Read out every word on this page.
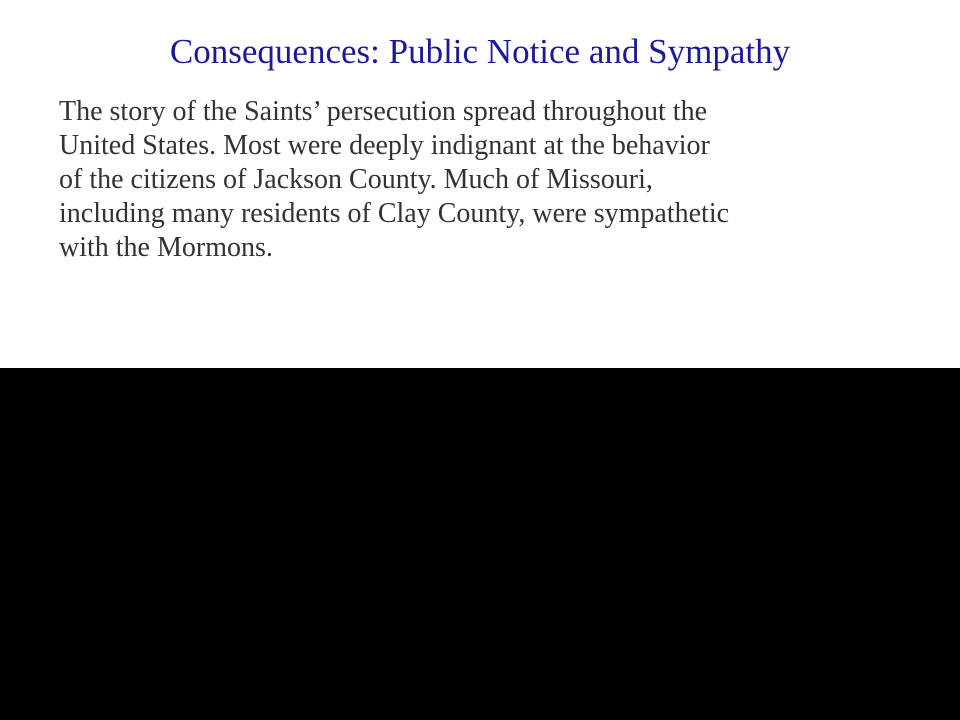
Consequences: Public Notice and Sympathy

The story of the Saints’ persecution spread throughout the
United States. Most were deeply indignant at the behavior
of the citizens of Jackson County. Much of Missouri,
including many residents of Clay County, were sympathetic
with the Mormons.
